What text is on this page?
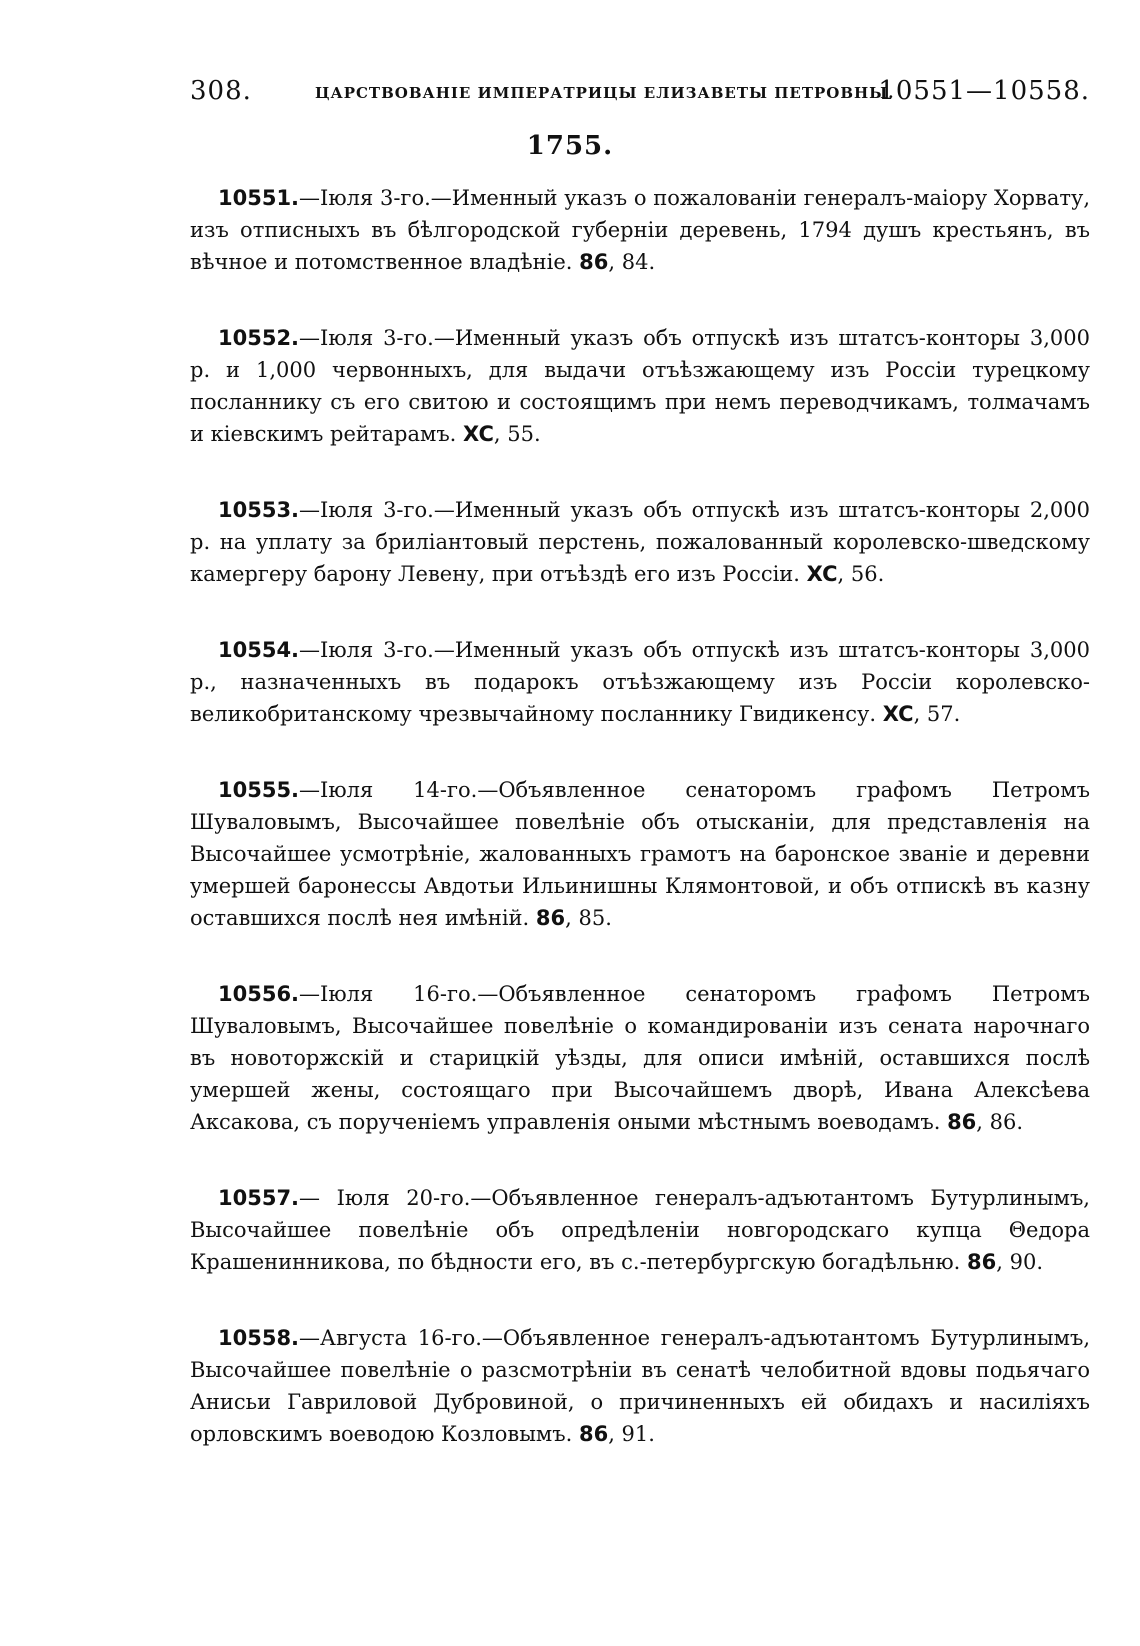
308.	ЦАРСТВОВАНІЕ ИМПЕРАТРИЦЫ ЕЛИЗАВЕТЫ ПЕТРОВНЫ.
10551—10558.
1755.

10551.—Іюля 3-го.—Именный указъ о пожалованіи генералъ-маіору Хорвату, изъ отписныхъ въ бѣлгородской губерніи деревень, 1794 душъ крестьянъ, въ вѣчное и потомственное владѣніе. 86, 84.

10552.—Іюля 3-го.—Именный указъ объ отпускѣ изъ штатсъ-конторы 3,000 р. и 1,000 червонныхъ, для выдачи отъѣзжающему изъ Россіи турецкому посланнику съ его свитою и состоящимъ при немъ переводчикамъ, толмачамъ и кіевскимъ рейтарамъ. XC, 55.

10553.—Іюля 3-го.—Именный указъ объ отпускѣ изъ штатсъ-конторы 2,000 р. на уплату за бриліантовый перстень, пожалованный королевско-шведскому камергеру барону Левену, при отъѣздѣ его изъ Россіи. XC, 56.

10554.—Іюля 3-го.—Именный указъ объ отпускѣ изъ штатсъ-конторы 3,000 р., назначенныхъ въ подарокъ отъѣзжающему изъ Россіи королевско-великобританскому чрезвычайному посланнику Гвидикенсу. XC, 57.

10555.—Іюля 14-го.—Объявленное сенаторомъ графомъ Петромъ Шуваловымъ, Высочайшее повелѣніе объ отысканіи, для представленія на Высочайшее усмотрѣніе, жалованныхъ грамотъ на баронское званіе и деревни умершей баронессы Авдотьи Ильинишны Клямонтовой, и объ отпискѣ въ казну оставшихся послѣ нея имѣній. 86, 85.

10556.—Іюля 16-го.—Объявленное сенаторомъ графомъ Петромъ Шуваловымъ, Высочайшее повелѣніе о командированіи изъ сената нарочнаго въ новоторжскій и старицкій уѣзды, для описи имѣній, оставшихся послѣ умершей жены, состоящаго при Высочайшемъ дворѣ, Ивана Алексѣева Аксакова, съ порученіемъ управленія оными мѣстнымъ воеводамъ. 86, 86.

10557.— Іюля 20-го.—Объявленное генералъ-адъютантомъ Бутурлинымъ, Высочайшее повелѣніе объ опредѣленіи новгородскаго купца Θедора Крашенинникова, по бѣдности его, въ с.-петербургскую богадѣльню. 86, 90.

10558.—Августа 16-го.—Объявленное генералъ-адъютантомъ Бутурлинымъ, Высочайшее повелѣніе о разсмотрѣніи въ сенатѣ челобитной вдовы подьячаго Анисьи Гавриловой Дубровиной, о причиненныхъ ей обидахъ и насиліяхъ орловскимъ воеводою Козловымъ. 86, 91.
